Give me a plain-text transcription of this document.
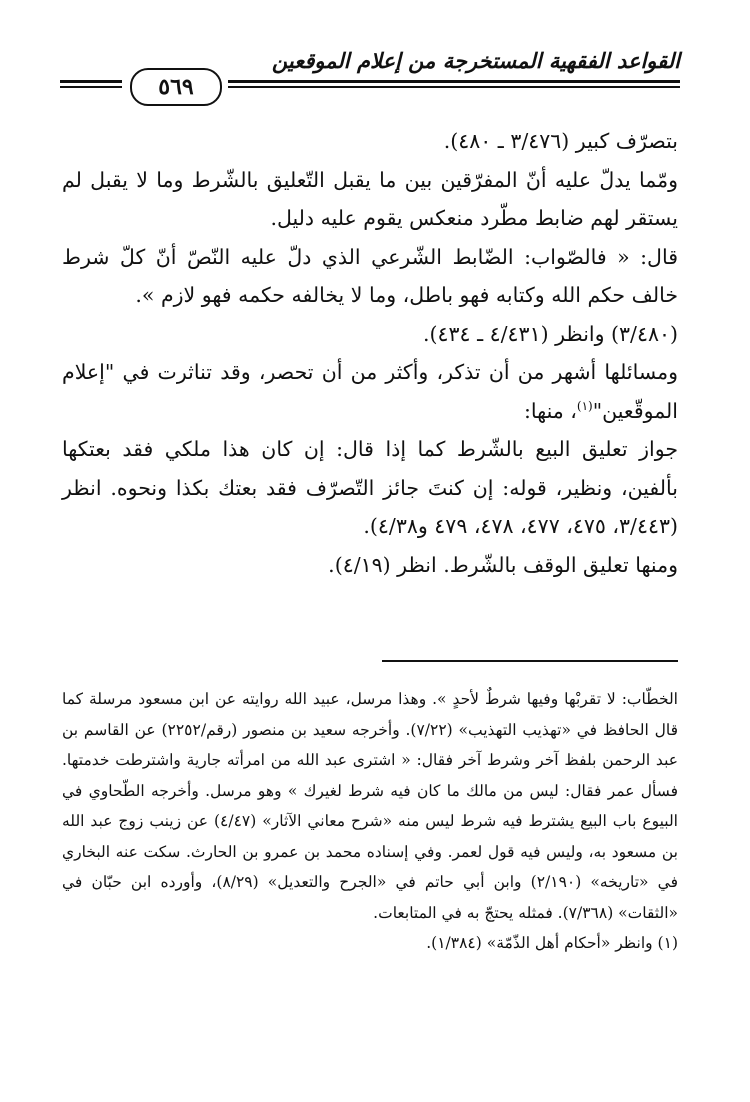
القواعد الفقهية المستخرجة من إعلام الموقعين
٥٦٩

بتصرّف كبير (٣/٤٧٦ ـ ٤٨٠).

ومّما يدلّ عليه أنّ المفرّقين بين ما يقبل التّعليق بالشّرط وما لا يقبل لم يستقر لهم ضابط مطّرد منعكس يقوم عليه دليل.

قال: « فالصّواب: الضّابط الشّرعي الذي دلّ عليه النّصّ أنّ كلّ شرط خالف حكم الله وكتابه فهو باطل، وما لا يخالفه حكمه فهو لازم ».

(٣/٤٨٠) وانظر (٤/٤٣١ ـ ٤٣٤).

ومسائلها أشهر من أن تذكر، وأكثر من أن تحصر، وقد تناثرت في "إعلام الموقّعين"$^{(١)}$، منها:

جواز تعليق البيع بالشّرط كما إذا قال: إن كان هذا ملكي فقد بعتكها بألفين، ونظير، قوله: إن كنتَ جائز التّصرّف فقد بعتك بكذا ونحوه. انظر (٣/٤٤٣، ٤٧٥، ٤٧٧، ٤٧٨، ٤٧٩ و٤/٣٨).

ومنها تعليق الوقف بالشّرط. انظر (٤/١٩).

الخطّاب: لا تقربْها وفيها شرطٌ لأحدٍ ». وهذا مرسل، عبيد الله روايته عن ابن مسعود مرسلة كما قال الحافظ في «تهذيب التهذيب» (٧/٢٢). وأخرجه سعيد بن منصور (رقم/٢٢٥٢) عن القاسم بن عبد الرحمن بلفظ آخر وشرط آخر فقال: « اشترى عبد الله من امرأته جارية واشترطت خدمتها. فسأل عمر فقال: ليس من مالك ما كان فيه شرط لغيرك » وهو مرسل. وأخرجه الطّحاوي في البيوع باب البيع يشترط فيه شرط ليس منه «شرح معاني الآثار» (٤/٤٧) عن زينب زوج عبد الله بن مسعود به، وليس فيه قول لعمر. وفي إسناده محمد بن عمرو بن الحارث. سكت عنه البخاري في «تاريخه» (٢/١٩٠) وابن أبي حاتم في «الجرح والتعديل» (٨/٢٩)، وأورده ابن حبّان في «الثقات» (٧/٣٦٨). فمثله يحتجّ به في المتابعات.

(١) وانظر «أحكام أهل الذّمّة» (١/٣٨٤).
